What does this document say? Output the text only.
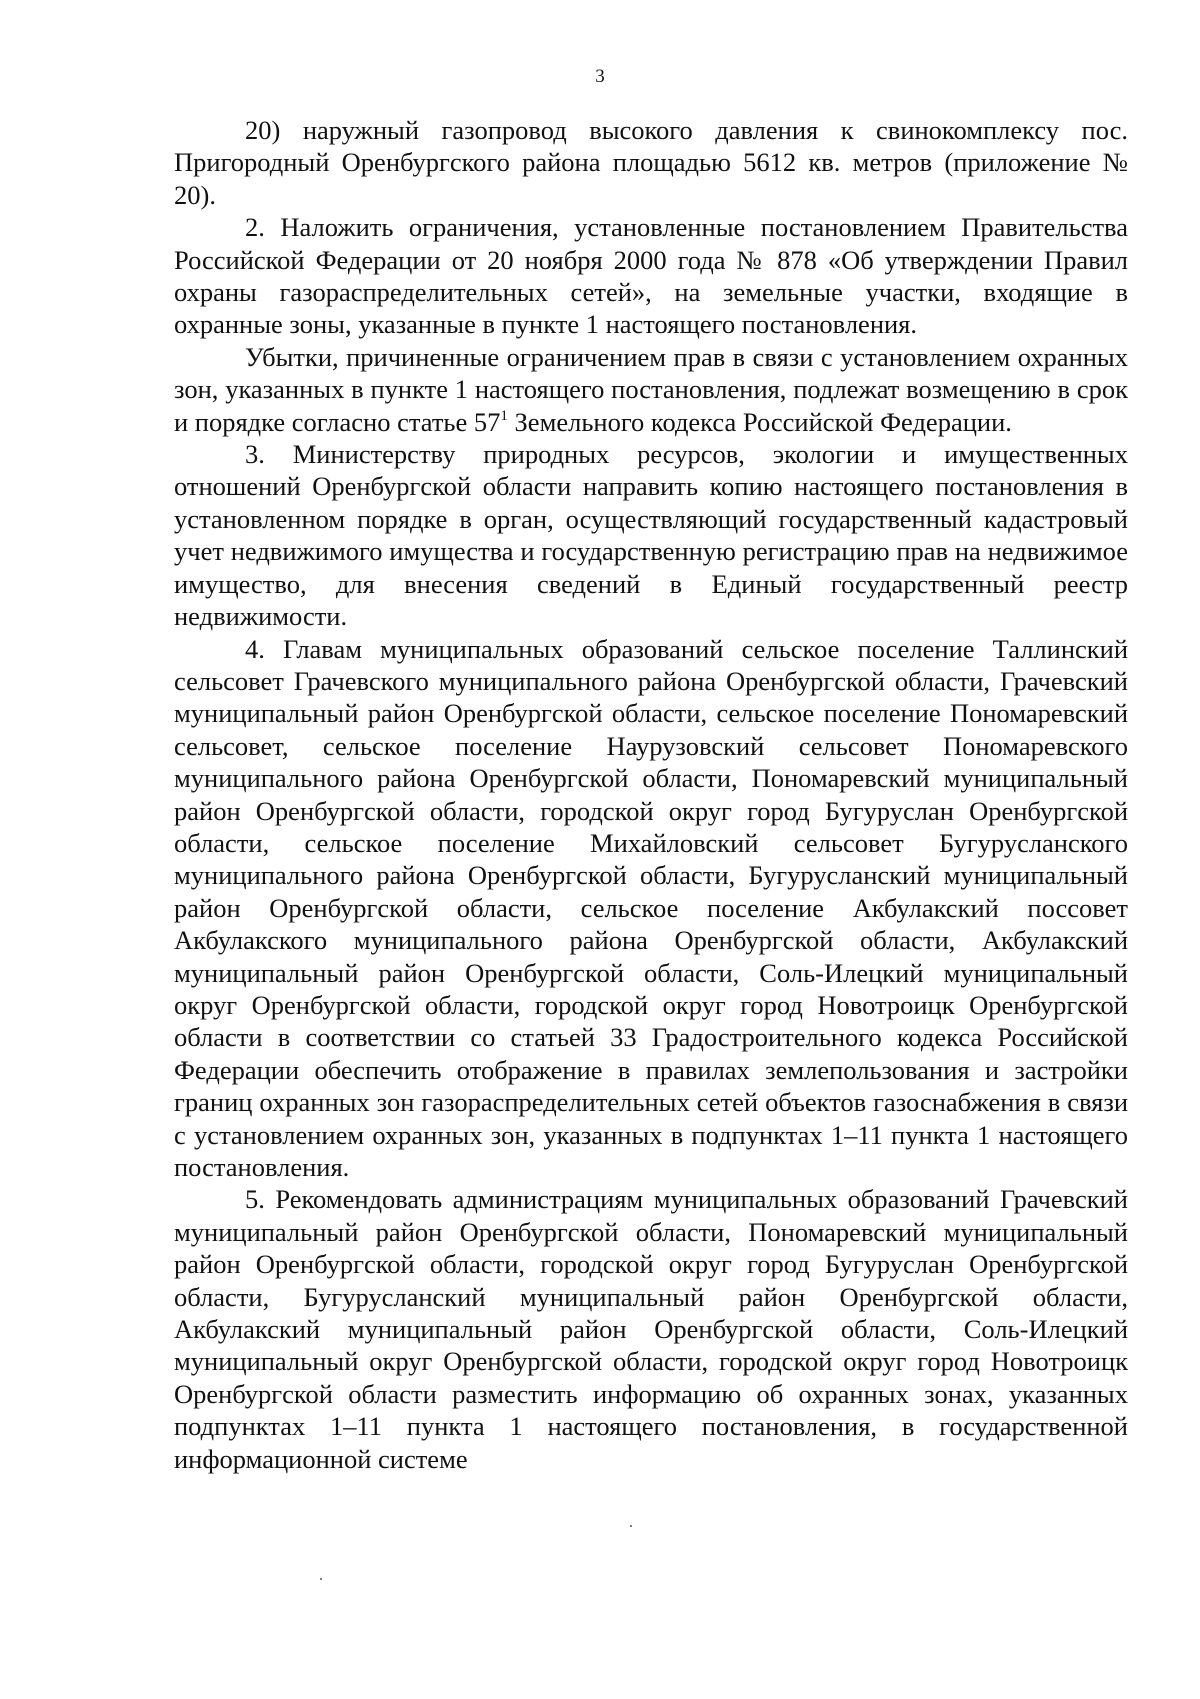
3

20) наружный газопровод высокого давления к свинокомплексу пос. Пригородный Оренбургского района площадью 5612 кв. метров (приложение № 20).

2. Наложить ограничения, установленные постановлением Правительства Российской Федерации от 20 ноября 2000 года № 878 «Об утверждении Правил охраны газораспределительных сетей», на земельные участки, входящие в охранные зоны, указанные в пункте 1 настоящего постановления.

Убытки, причиненные ограничением прав в связи с установлением охранных зон, указанных в пункте 1 настоящего постановления, подлежат возмещению в срок и порядке согласно статье $57^1$ Земельного кодекса Российской Федерации.

3. Министерству природных ресурсов, экологии и имущественных отношений Оренбургской области направить копию настоящего постановления в установленном порядке в орган, осуществляющий государственный кадастровый учет недвижимого имущества и государственную регистрацию прав на недвижимое имущество, для внесения сведений в Единый государственный реестр недвижимости.

4. Главам муниципальных образований сельское поселение Таллинский сельсовет Грачевского муниципального района Оренбургской области, Грачевский муниципальный район Оренбургской области, сельское поселение Пономаревский сельсовет, сельское поселение Наурузовский сельсовет Пономаревского муниципального района Оренбургской области, Пономаревский муниципальный район Оренбургской области, городской округ город Бугуруслан Оренбургской области, сельское поселение Михайловский сельсовет Бугурусланского муниципального района Оренбургской области, Бугурусланский муниципальный район Оренбургской области, сельское поселение Акбулакский поссовет Акбулакского муниципального района Оренбургской области, Акбулакский муниципальный район Оренбургской области, Соль-Илецкий муниципальный округ Оренбургской области, городской округ город Новотроицк Оренбургской области в соответствии со статьей 33 Градостроительного кодекса Российской Федерации обеспечить отображение в правилах землепользования и застройки границ охранных зон газораспределительных сетей объектов газоснабжения в связи с установлением охранных зон, указанных в подпунктах 1–11 пункта 1 настоящего постановления.

5. Рекомендовать администрациям муниципальных образований Грачевский муниципальный район Оренбургской области, Пономаревский муниципальный район Оренбургской области, городской округ город Бугуруслан Оренбургской области, Бугурусланский муниципальный район Оренбургской области, Акбулакский муниципальный район Оренбургской области, Соль-Илецкий муниципальный округ Оренбургской области, городской округ город Новотроицк Оренбургской области разместить информацию об охранных зонах, указанных подпунктах 1–11 пункта 1 настоящего постановления, в государственной информационной системе
